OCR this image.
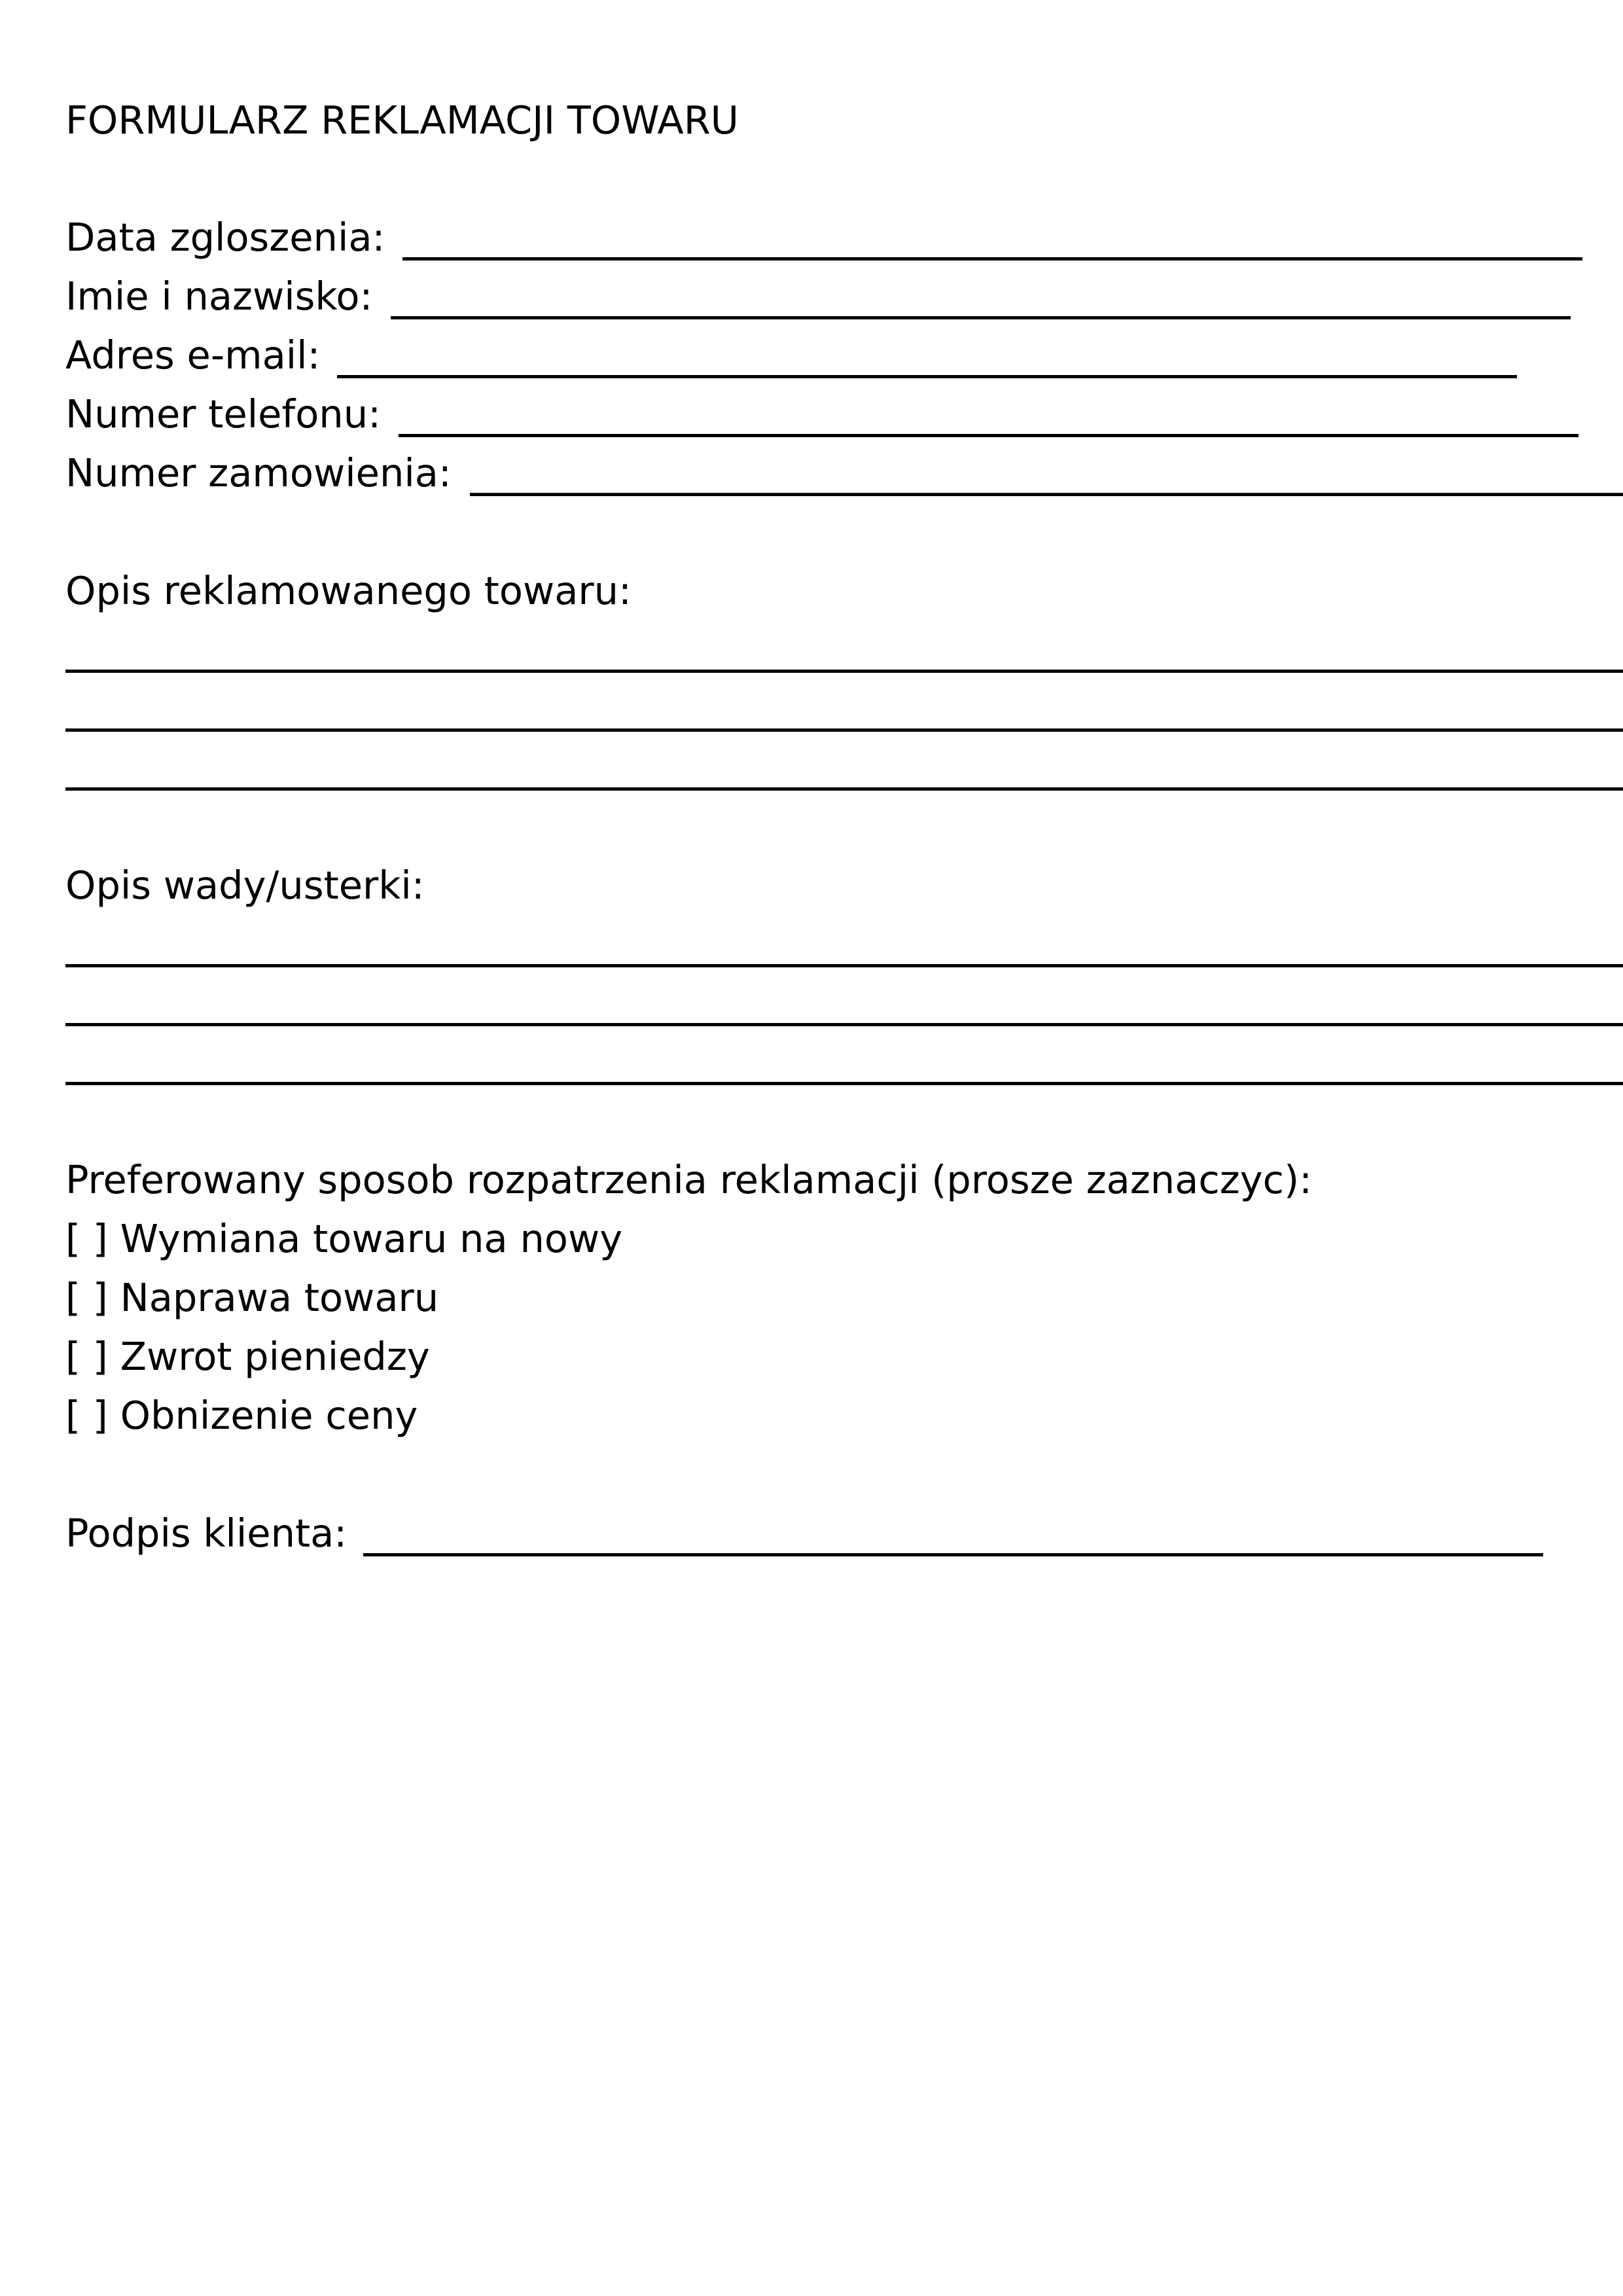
FORMULARZ REKLAMACJI TOWARU
Data zgloszenia:
Imie i nazwisko:
Adres e-mail:
Numer telefonu:
Numer zamowienia:
Opis reklamowanego towaru:
Opis wady/usterki:
Preferowany sposob rozpatrzenia reklamacji (prosze zaznaczyc):
[ ] Wymiana towaru na nowy
[ ] Naprawa towaru
[ ] Zwrot pieniedzy
[ ] Obnizenie ceny
Podpis klienta:
